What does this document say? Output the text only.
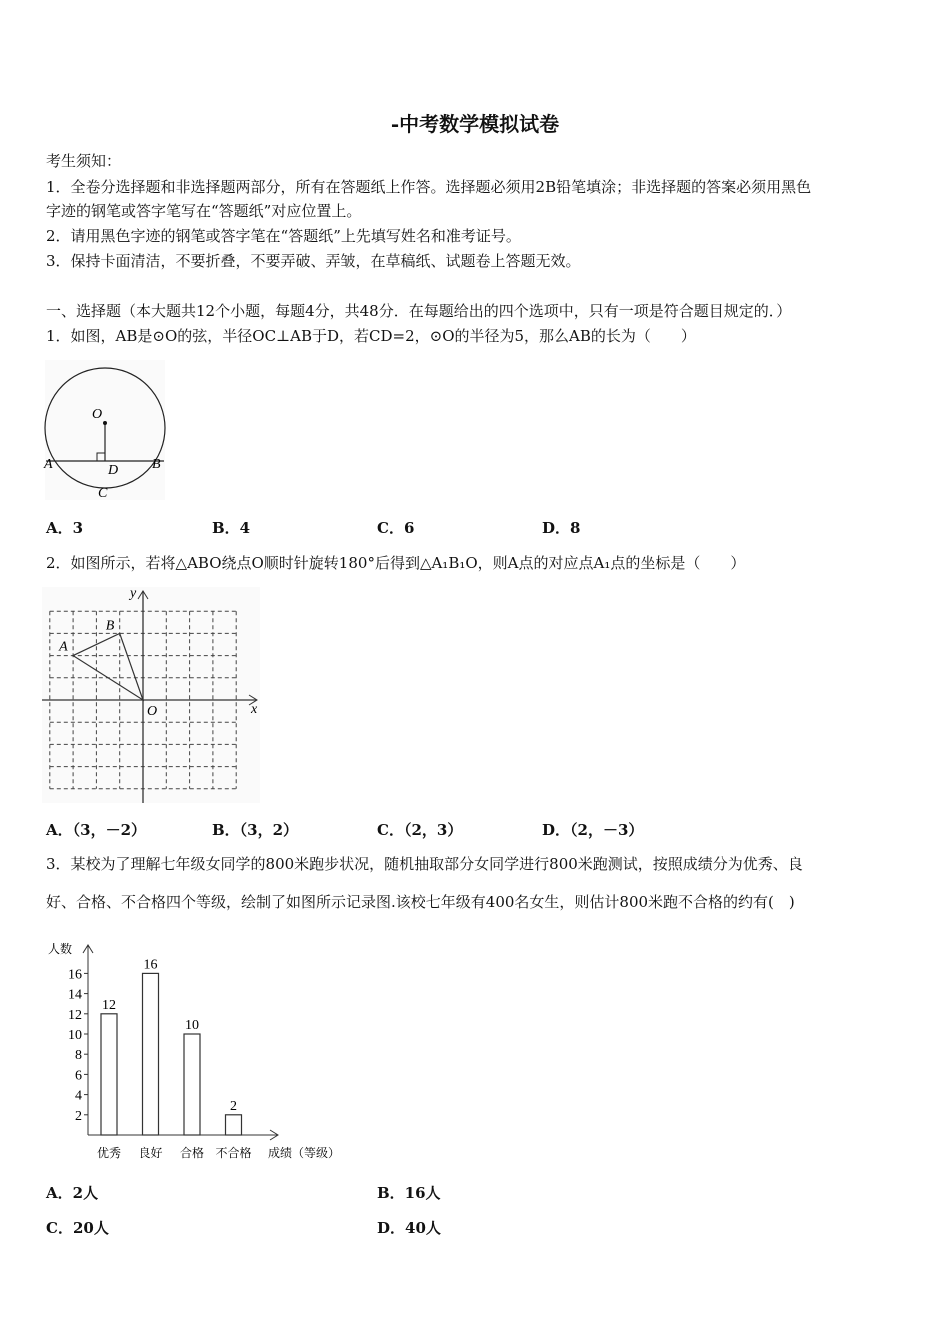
-中考数学模拟试卷
考生须知：
1．全卷分选择题和非选择题两部分，所有在答题纸上作答。选择题必须用2B铅笔填涂；非选择题的答案必须用黑色
字迹的钢笔或答字笔写在“答题纸”对应位置上。
2．请用黑色字迹的钢笔或答字笔在“答题纸”上先填写姓名和准考证号。
3．保持卡面清洁，不要折叠，不要弄破、弄皱，在草稿纸、试题卷上答题无效。
一、选择题（本大题共12个小题，每题4分，共48分．在每题给出的四个选项中，只有一项是符合题目规定的．）
1．如图，AB是⊙O的弦，半径OC⊥AB于D，若CD=2，⊙O的半径为5，那么AB的长为（　　）
O
A	B
D
C
A．3	B．4	C．6	D．8
2．如图所示，若将△ABO绕点O顺时针旋转180°后得到△A₁B₁O，则A点的对应点A₁点的坐标是（　　）
x
y
O
A
B
A．（3，－2）	B．（3，2）	C．（2，3）	D．（2，－3）
3．某校为了理解七年级女同学的800米跑步状况，随机抽取部分女同学进行800米跑测试，按照成绩分为优秀、良
好、合格、不合格四个等级，绘制了如图所示记录图.该校七年级有400名女生，则估计800米跑不合格的约有(　)
人数
成绩（等级）
2
4
6
8
10
12
14
16
12
优秀
16
良好
10
合格
2
不合格
A．2人	B．16人
C．20人	D．40人
